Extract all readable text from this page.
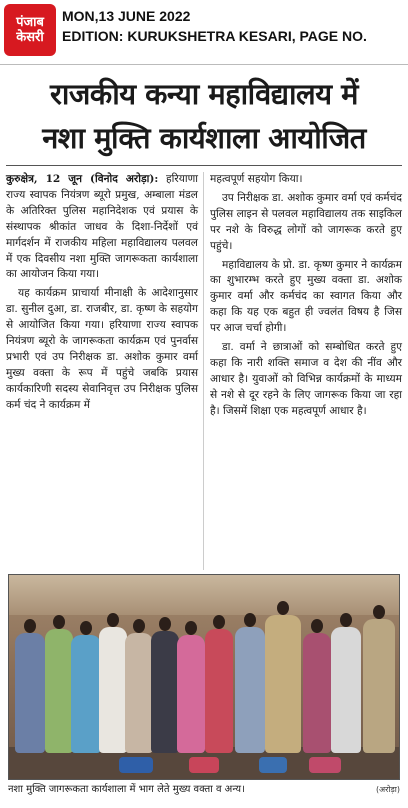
पंजाब
केसरी
MON,13 JUNE 2022
EDITION: KURUKSHETRA KESARI, PAGE NO.
राजकीय कन्या महाविद्यालय में
नशा मुक्ति कार्यशाला आयोजित

कुरुक्षेत्र, 12 जून (विनोद अरोड़ा): हरियाणा राज्य स्वापक नियंत्रण ब्यूरो प्रमुख, अम्बाला मंडल के अतिरिक्त पुलिस महानिदेशक एवं प्रयास के संस्थापक श्रीकांत जाधव के दिशा-निर्देशों एवं मार्गदर्शन में राजकीय महिला महाविद्यालय पलवल में एक दिवसीय नशा मुक्ति जागरूकता कार्यशाला का आयोजन किया गया।

यह कार्यक्रम प्राचार्या मीनाक्षी के आदेशानुसार डा. सुनील दुआ, डा. राजबीर, डा. कृष्ण के सहयोग से आयोजित किया गया। हरियाणा राज्य स्वापक नियंत्रण ब्यूरो के जागरूकता कार्यक्रम एवं पुनर्वास प्रभारी एवं उप निरीक्षक डा. अशोक कुमार वर्मा मुख्य वक्ता के रूप में पहुंचे जबकि प्रयास कार्यकारिणी सदस्य सेवानिवृत्त उप निरीक्षक पुलिस कर्म चंद ने कार्यक्रम में

महत्वपूर्ण सहयोग किया।

उप निरीक्षक डा. अशोक कुमार वर्मा एवं कर्मचंद पुलिस लाइन से पलवल महाविद्यालय तक साइकिल पर नशे के विरुद्ध लोगों को जागरूक करते हुए पहुंचे।

महाविद्यालय के प्रो. डा. कृष्ण कुमार ने कार्यक्रम का शुभारम्भ करते हुए मुख्य वक्ता डा. अशोक कुमार वर्मा और कर्मचंद का स्वागत किया और कहा कि यह एक बहुत ही ज्वलंत विषय है जिस पर आज चर्चा होगी।

डा. वर्मा ने छात्राओं को सम्बोधित करते हुए कहा कि नारी शक्ति समाज व देश की नींव और आधार है। युवाओं को विभिन्न कार्यक्रमों के माध्यम से नशे से दूर रहने के लिए जागरूक किया जा रहा है। जिसमें शिक्षा एक महत्वपूर्ण आधार है।

नशा मुक्ति जागरूकता कार्यशाला में भाग लेते मुख्य वक्ता व अन्य।	(अरोड़ा)
